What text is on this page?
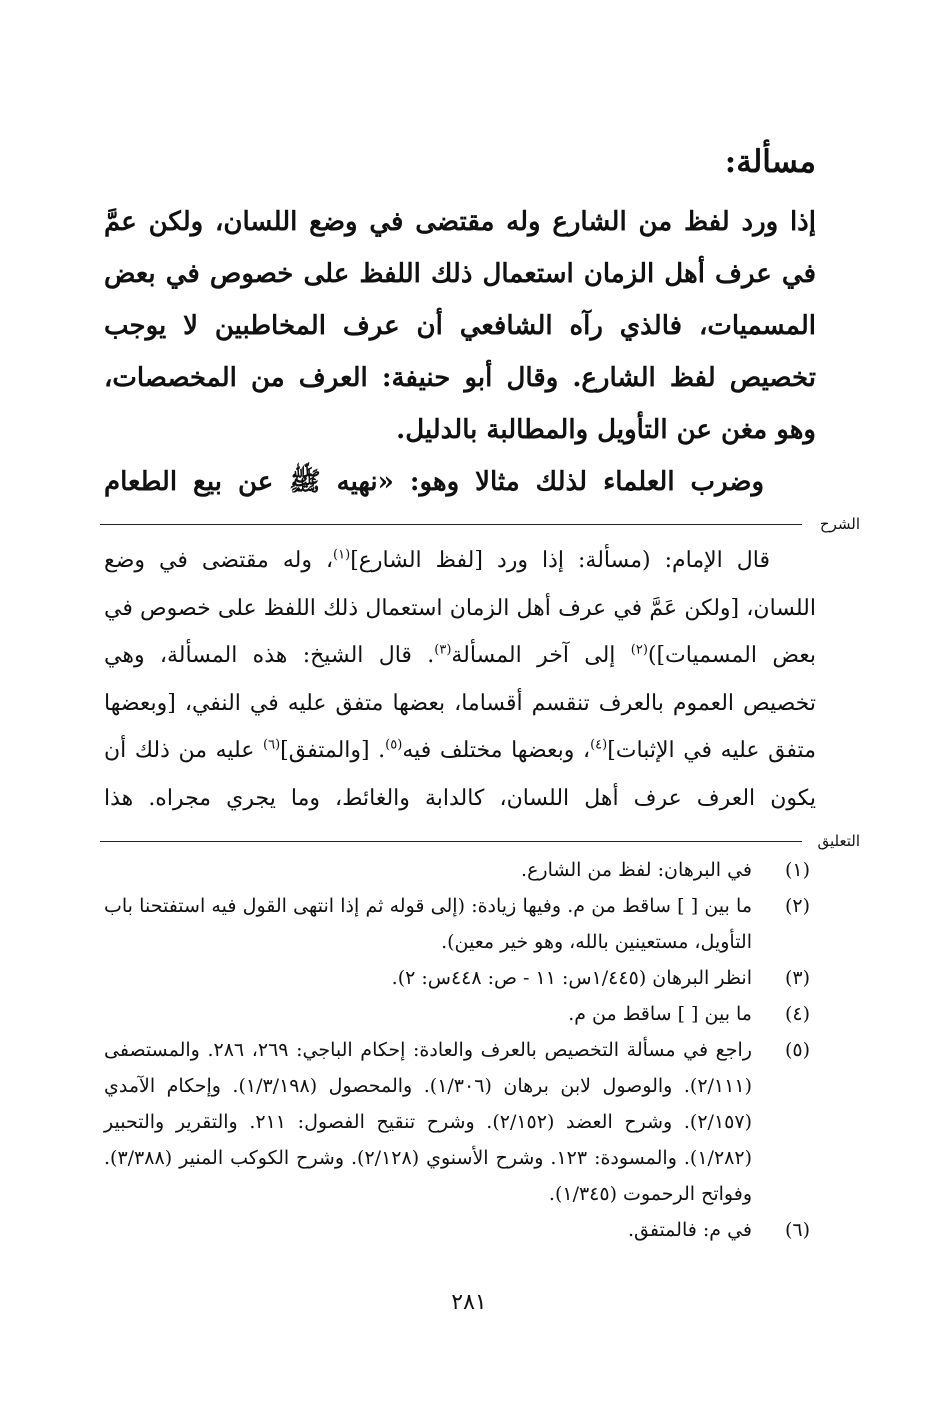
مسألة:

إذا ورد لفظ من الشارع وله مقتضى في وضع اللسان، ولكن عمَّ في عرف أهل الزمان استعمال ذلك اللفظ على خصوص في بعض المسميات، فالذي رآه الشافعي أن عرف المخاطبين لا يوجب تخصيص لفظ الشارع. وقال أبو حنيفة: العرف من المخصصات، وهو مغن عن التأويل والمطالبة بالدليل.

وضرب العلماء لذلك مثالا وهو: «نهيه ﷺ عن بيع الطعام

الشرح

قال الإمام: (مسألة: إذا ورد [لفظ الشارع]$^{(١)}$، وله مقتضى في وضع اللسان، [ولكن عَمَّ في عرف أهل الزمان استعمال ذلك اللفظ على خصوص في بعض المسميات])$^{(٢)}$ إلى آخر المسألة$^{(٣)}$. قال الشيخ: هذه المسألة، وهي تخصيص العموم بالعرف تنقسم أقساما، بعضها متفق عليه في النفي، [وبعضها متفق عليه في الإثبات]$^{(٤)}$، وبعضها مختلف فيه$^{(٥)}$. [والمتفق]$^{(٦)}$ عليه من ذلك أن يكون العرف عرف أهل اللسان، كالدابة والغائط، وما يجري مجراه. هذا

التعليق
(١)
في البرهان: لفظ من الشارع.
(٢)
ما بين [ ] ساقط من م. وفيها زيادة: (إلى قوله ثم إذا انتهى القول فيه استفتحنا باب التأويل، مستعينين بالله، وهو خير معين).
(٣)
انظر البرهان (١/٤٤٥س: ١١ - ص: ٤٤٨س: ٢).
(٤)
ما بين [ ] ساقط من م.
(٥)
راجع في مسألة التخصيص بالعرف والعادة: إحكام الباجي: ٢٦٩، ٢٨٦. والمستصفى (٢/١١١). والوصول لابن برهان (١/٣٠٦). والمحصول (١/٣/١٩٨). وإحكام الآمدي (٢/١٥٧). وشرح العضد (٢/١٥٢). وشرح تنقيح الفصول: ٢١١. والتقرير والتحبير (١/٢٨٢). والمسودة: ١٢٣. وشرح الأسنوي (٢/١٢٨). وشرح الكوكب المنير (٣/٣٨٨). وفواتح الرحموت (١/٣٤٥).
(٦)
في م: فالمتفق.
٢٨١
